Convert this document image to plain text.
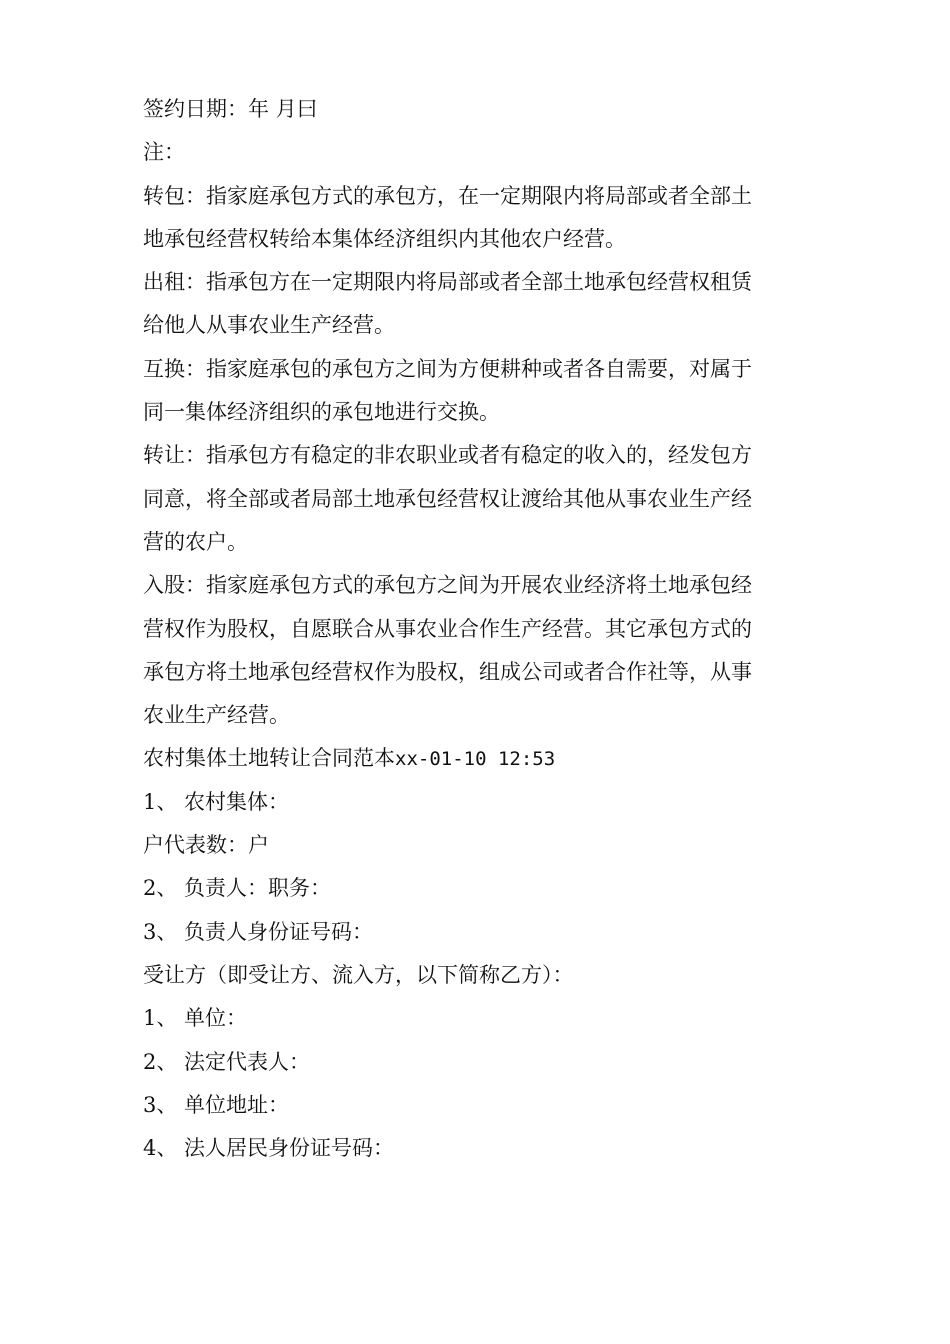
签约日期：年 月曰
注：
转包：指家庭承包方式的承包方，在一定期限内将局部或者全部土
地承包经营权转给本集体经济组织内其他农户经营。
出租：指承包方在一定期限内将局部或者全部土地承包经营权租赁
给他人从事农业生产经营。
互换：指家庭承包的承包方之间为方便耕种或者各自需要，对属于
同一集体经济组织的承包地进行交换。
转让：指承包方有稳定的非农职业或者有稳定的收入的，经发包方
同意，将全部或者局部土地承包经营权让渡给其他从事农业生产经
营的农户。
入股：指家庭承包方式的承包方之间为开展农业经济将土地承包经
营权作为股权，自愿联合从事农业合作生产经营。其它承包方式的
承包方将土地承包经营权作为股权，组成公司或者合作社等，从事
农业生产经营。
农村集体土地转让合同范本xx-01-10 12:53
1、 农村集体：
户代表数：户
2、 负责人：职务：
3、 负责人身份证号码：
受让方（即受让方、流入方，以下简称乙方）：
1、 单位：
2、 法定代表人：
3、 单位地址：
4、 法人居民身份证号码：
